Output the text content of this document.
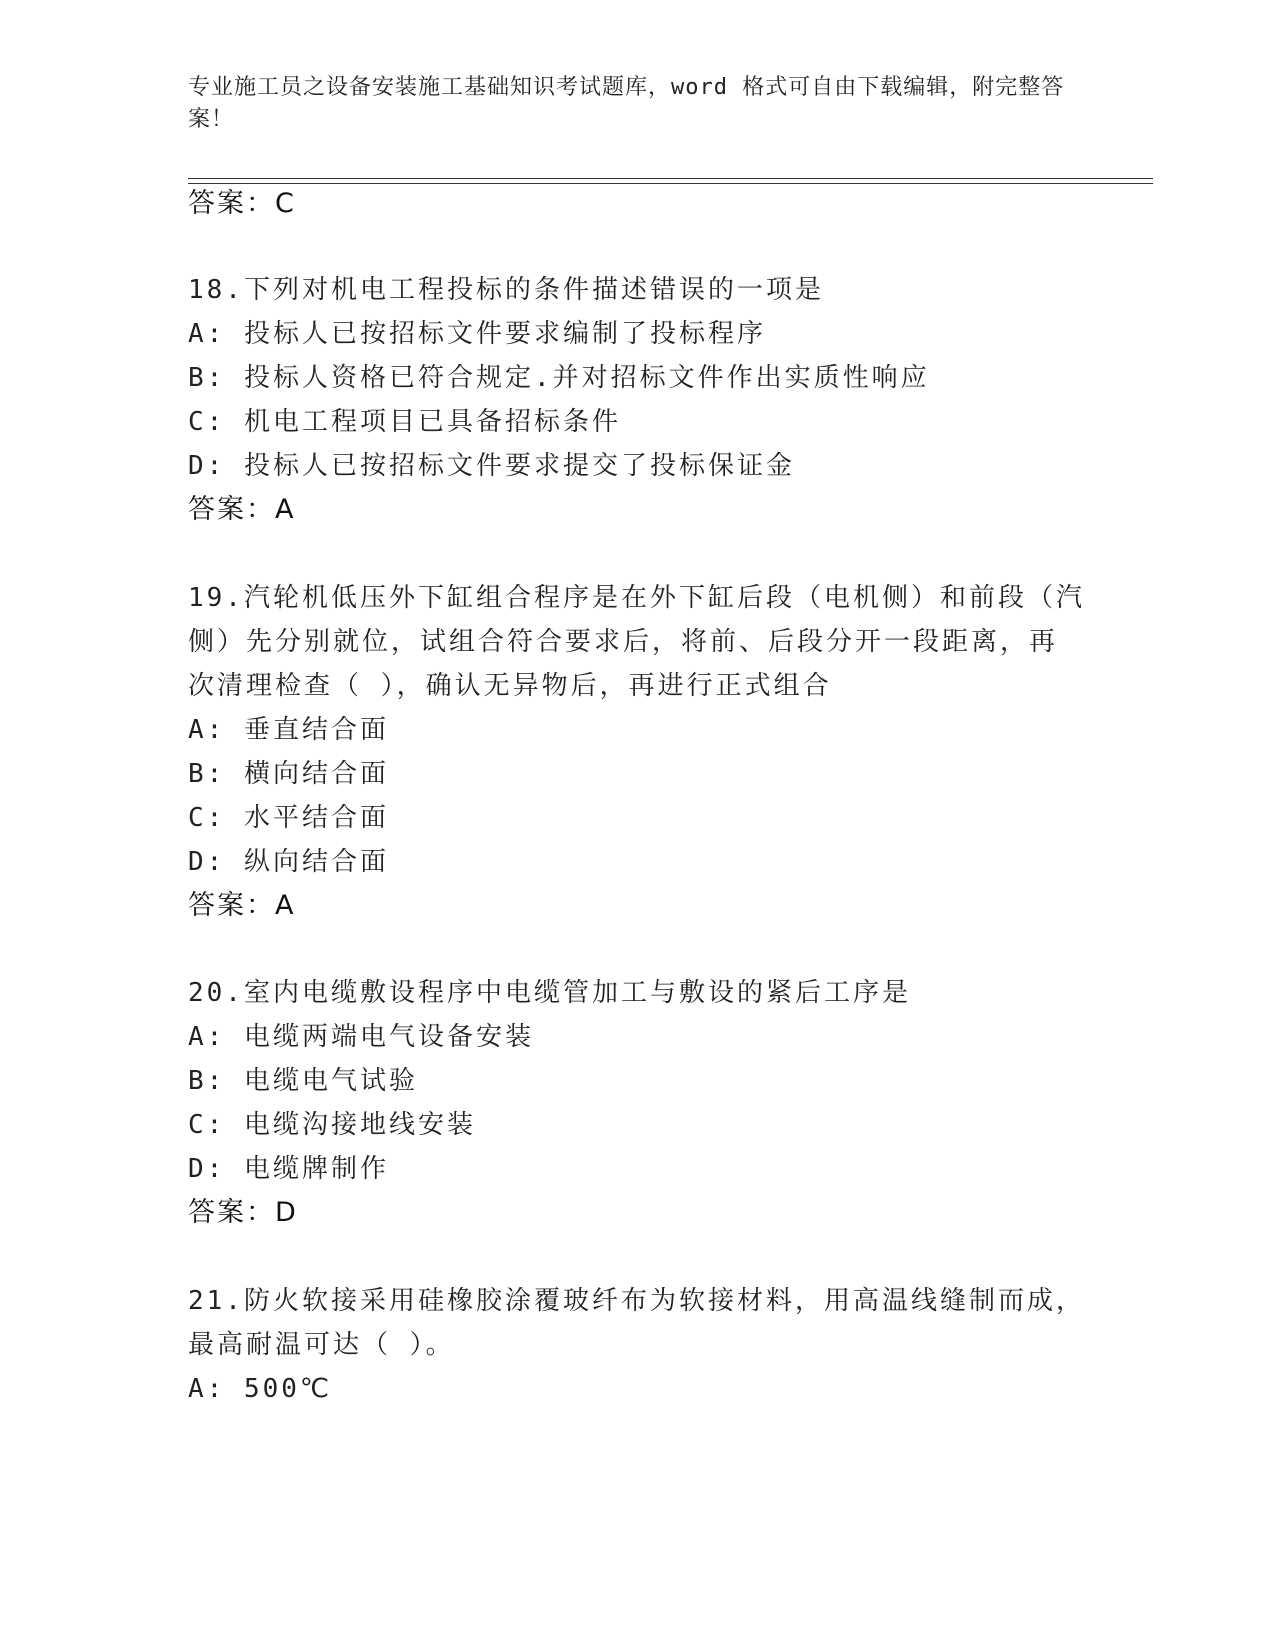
专业施工员之设备安装施工基础知识考试题库，word 格式可自由下载编辑，附完整答案！
答案：C
18.下列对机电工程投标的条件描述错误的一项是
A: 投标人已按招标文件要求编制了投标程序
B: 投标人资格已符合规定.并对招标文件作出实质性响应
C: 机电工程项目已具备招标条件
D: 投标人已按招标文件要求提交了投标保证金
答案：A
19.汽轮机低压外下缸组合程序是在外下缸后段（电机侧）和前段（汽
侧）先分别就位，试组合符合要求后，将前、后段分开一段距离，再
次清理检查（ ），确认无异物后，再进行正式组合
A: 垂直结合面
B: 横向结合面
C: 水平结合面
D: 纵向结合面
答案：A
20.室内电缆敷设程序中电缆管加工与敷设的紧后工序是
A: 电缆两端电气设备安装
B: 电缆电气试验
C: 电缆沟接地线安装
D: 电缆牌制作
答案：D
21.防火软接采用硅橡胶涂覆玻纤布为软接材料，用高温线缝制而成，
最高耐温可达（ ）。
A: 500℃
